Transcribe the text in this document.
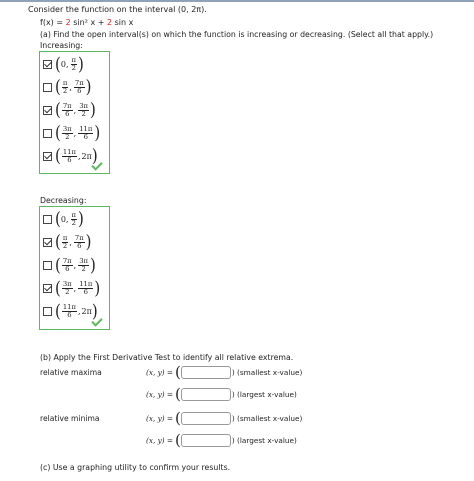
Consider the function on the interval (0, 2π).
f(x) = 2 sin² x + 2 sin x
(a) Find the open interval(s) on which the function is increasing or decreasing. (Select all that apply.)
Increasing:
( 0 , $\frac{\pi}{2}$ )
( $\frac{\pi}{2}$ , $\frac{7\pi}{6}$ )
( $\frac{7\pi}{6}$ , $\frac{3\pi}{2}$ )
( $\frac{3\pi}{2}$ , $\frac{11\pi}{6}$ )
( $\frac{11\pi}{6}$ , 2π )
Decreasing:
( 0 , $\frac{\pi}{2}$ )
( $\frac{\pi}{2}$ , $\frac{7\pi}{6}$ )
( $\frac{7\pi}{6}$ , $\frac{3\pi}{2}$ )
( $\frac{3\pi}{2}$ , $\frac{11\pi}{6}$ )
( $\frac{11\pi}{6}$ , 2π )
(b) Apply the First Derivative Test to identify all relative extrema.
relative maxima	(x, y) = (	) (smallest x-value)
(x, y) = (	) (largest x-value)
relative minima	(x, y) = (	) (smallest x-value)
(x, y) = (	) (largest x-value)
(c) Use a graphing utility to confirm your results.
